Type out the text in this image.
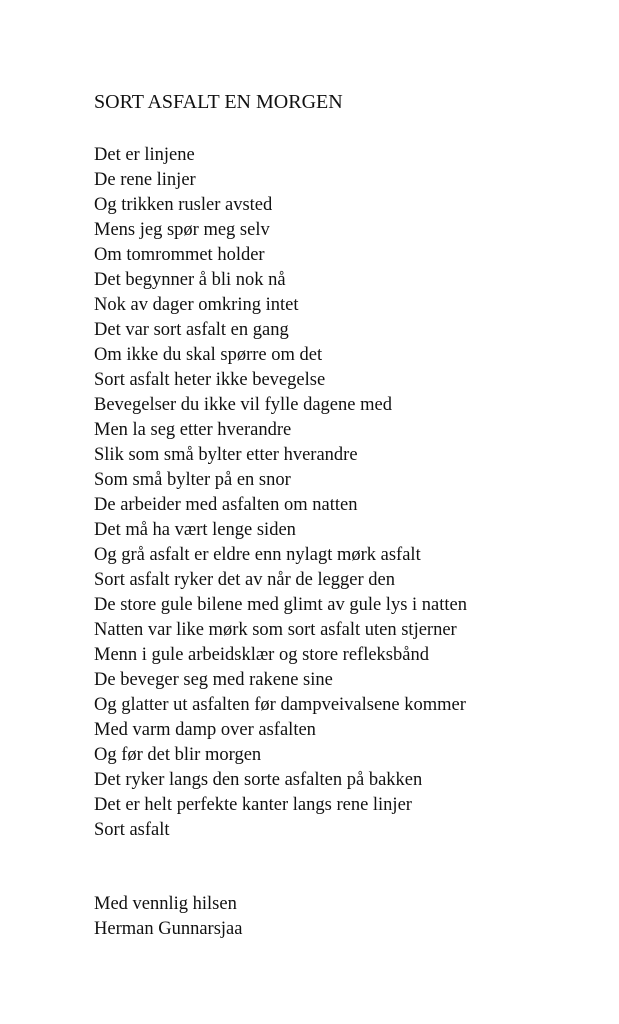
SORT ASFALT EN MORGEN
Det er linjene
De rene linjer
Og trikken rusler avsted
Mens jeg spør meg selv
Om tomrommet holder
Det begynner å bli nok nå
Nok av dager omkring intet
Det var sort asfalt en gang
Om ikke du skal spørre om det
Sort asfalt heter ikke bevegelse
Bevegelser du ikke vil fylle dagene med
Men la seg etter hverandre
Slik som små bylter etter hverandre
Som små bylter på en snor
De arbeider med asfalten om natten
Det må ha vært lenge siden
Og grå asfalt er eldre enn nylagt mørk asfalt
Sort asfalt ryker det av når de legger den
De store gule bilene med glimt av gule lys i natten
Natten var like mørk som sort asfalt uten stjerner
Menn i gule arbeidsklær og store refleksbånd
De beveger seg med rakene sine
Og glatter ut asfalten før dampveivalsene kommer
Med varm damp over asfalten
Og før det blir morgen
Det ryker langs den sorte asfalten på bakken
Det er helt perfekte kanter langs rene linjer
Sort asfalt
Med vennlig hilsen
Herman Gunnarsjaa
